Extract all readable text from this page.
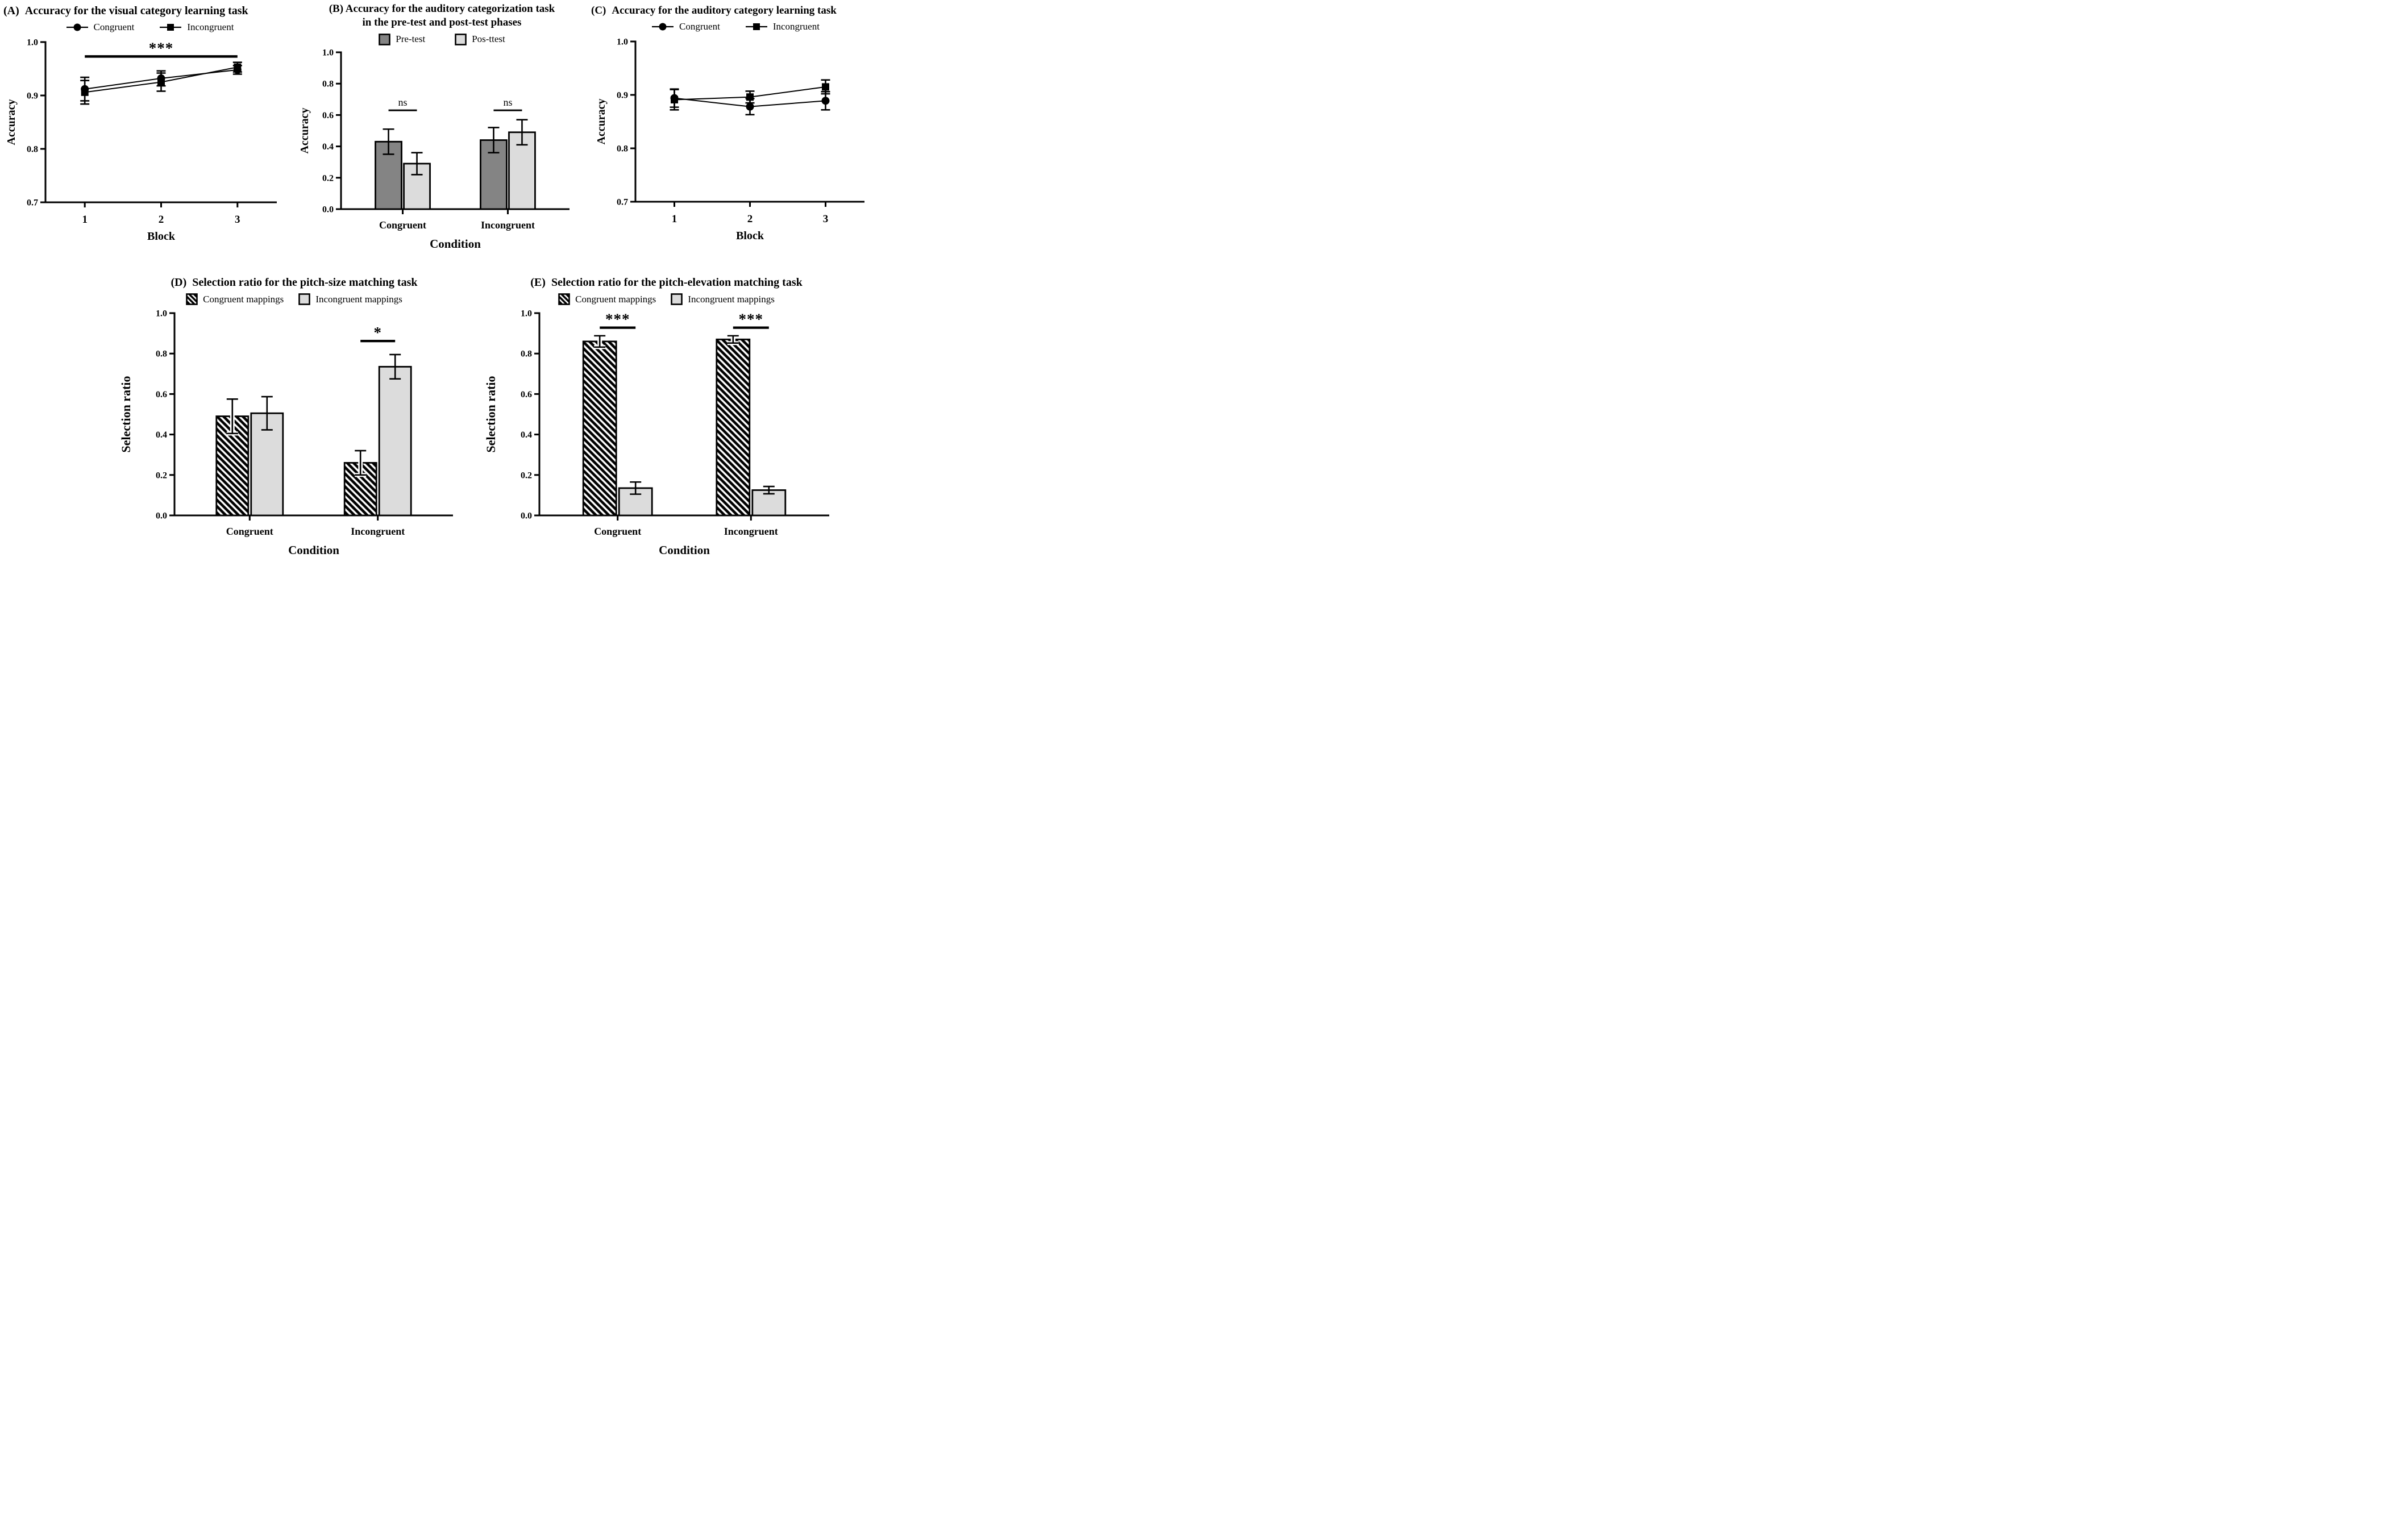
(A) Accuracy for the visual category learning task
Congruent	Incongruent
0.7
0.8
0.9
1.0
Accuracy
1	2	3
Block
***
(B) Accuracy for the auditory categorization task
in the pre-test and post-test phases
Pre-test	Pos-ttest
0.0
0.2
0.4
0.6
0.8
1.0
Accuracy
Congruent	Incongruent
Condition
ns	ns
(C) Accuracy for the auditory category learning task
Congruent	Incongruent
0.7
0.8
0.9
1.0
Accuracy
1	2	3
Block
(D) Selection ratio for the pitch-size matching task
Congruent mappings	Incongruent mappings
0.0
0.2
0.4
0.6
0.8
1.0
Selection ratio
Congruent	Incongruent
Condition
*
(E) Selection ratio for the pitch-elevation matching task
Congruent mappings	Incongruent mappings
0.0
0.2
0.4
0.6
0.8
1.0
Selection ratio
Congruent	Incongruent
Condition
***	***
